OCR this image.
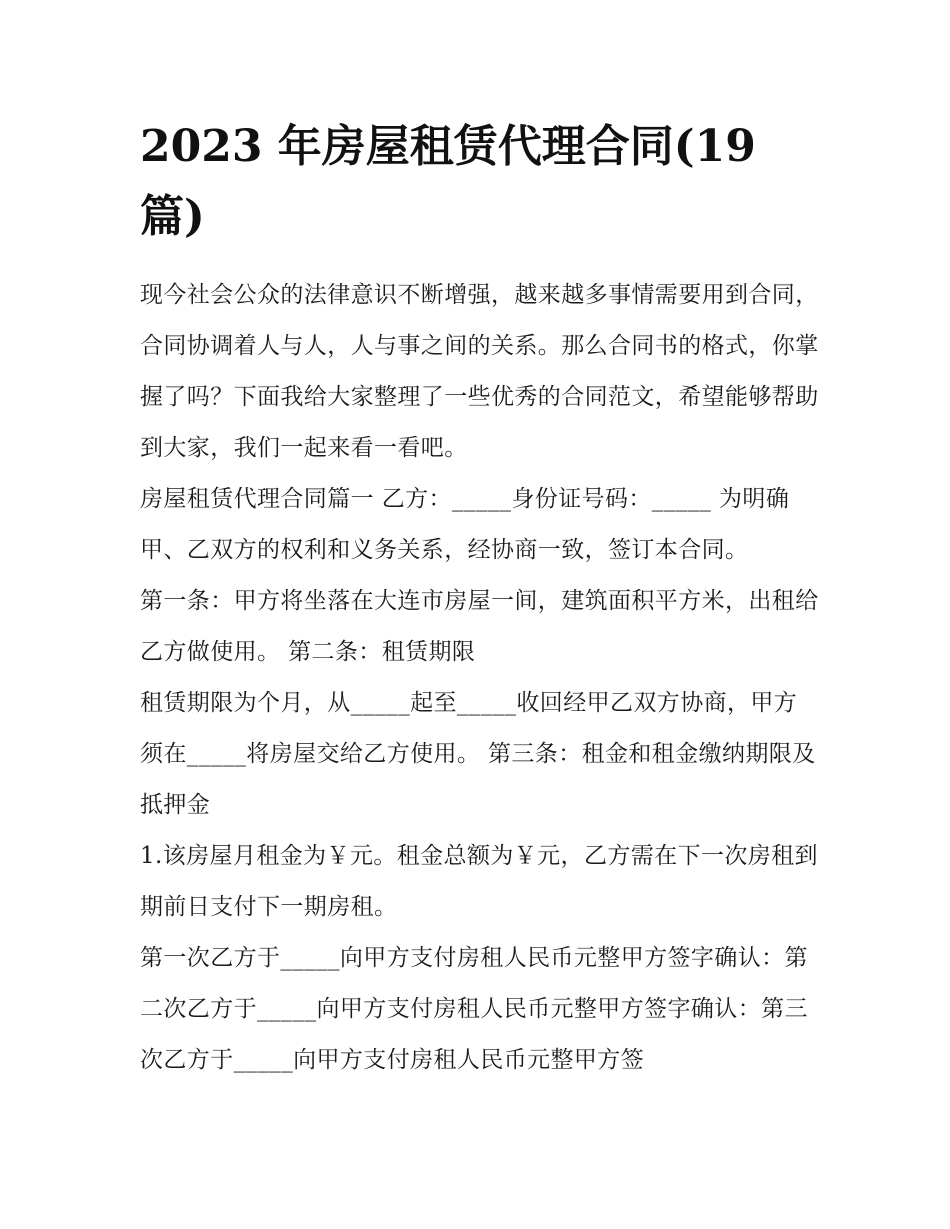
2023 年房屋租赁代理合同(19 篇)

现今社会公众的法律意识不断增强，越来越多事情需要用到合同，合同协调着人与人，人与事之间的关系。那么合同书的格式，你掌握了吗？下面我给大家整理了一些优秀的合同范文，希望能够帮助到大家，我们一起来看一看吧。

房屋租赁代理合同篇一 乙方：_____身份证号码：_____ 为明确甲、乙双方的权利和义务关系，经协商一致，签订本合同。

第一条：甲方将坐落在大连市房屋一间，建筑面积平方米，出租给乙方做使用。 第二条：租赁期限

租赁期限为个月，从_____起至_____收回经甲乙双方协商，甲方须在_____将房屋交给乙方使用。 第三条：租金和租金缴纳期限及抵押金

1.该房屋月租金为￥元。租金总额为￥元，乙方需在下一次房租到期前日支付下一期房租。

第一次乙方于_____向甲方支付房租人民币元整甲方签字确认：第二次乙方于_____向甲方支付房租人民币元整甲方签字确认：第三次乙方于_____向甲方支付房租人民币元整甲方签
